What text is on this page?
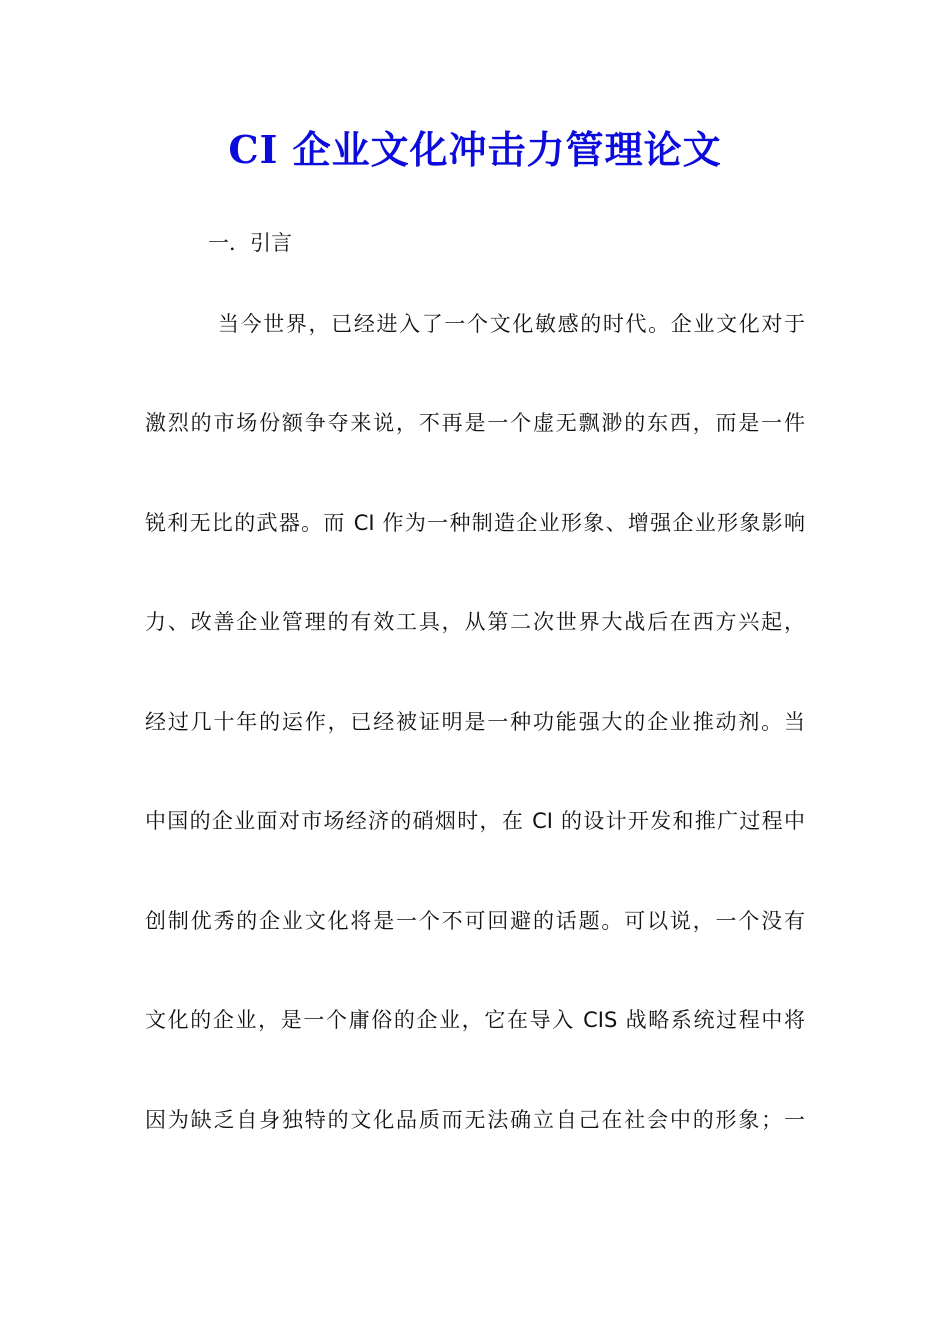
CI 企业文化冲击力管理论文
一．引言
当今世界，已经进入了一个文化敏感的时代。企业文化对于
激烈的市场份额争夺来说，不再是一个虚无飘渺的东西，而是一件
锐利无比的武器。而 CI 作为一种制造企业形象、增强企业形象影响
力、改善企业管理的有效工具，从第二次世界大战后在西方兴起，
经过几十年的运作，已经被证明是一种功能强大的企业推动剂。当
中国的企业面对市场经济的硝烟时，在 CI 的设计开发和推广过程中
创制优秀的企业文化将是一个不可回避的话题。可以说，一个没有
文化的企业，是一个庸俗的企业，它在导入 CIS 战略系统过程中将
因为缺乏自身独特的文化品质而无法确立自己在社会中的形象；一
